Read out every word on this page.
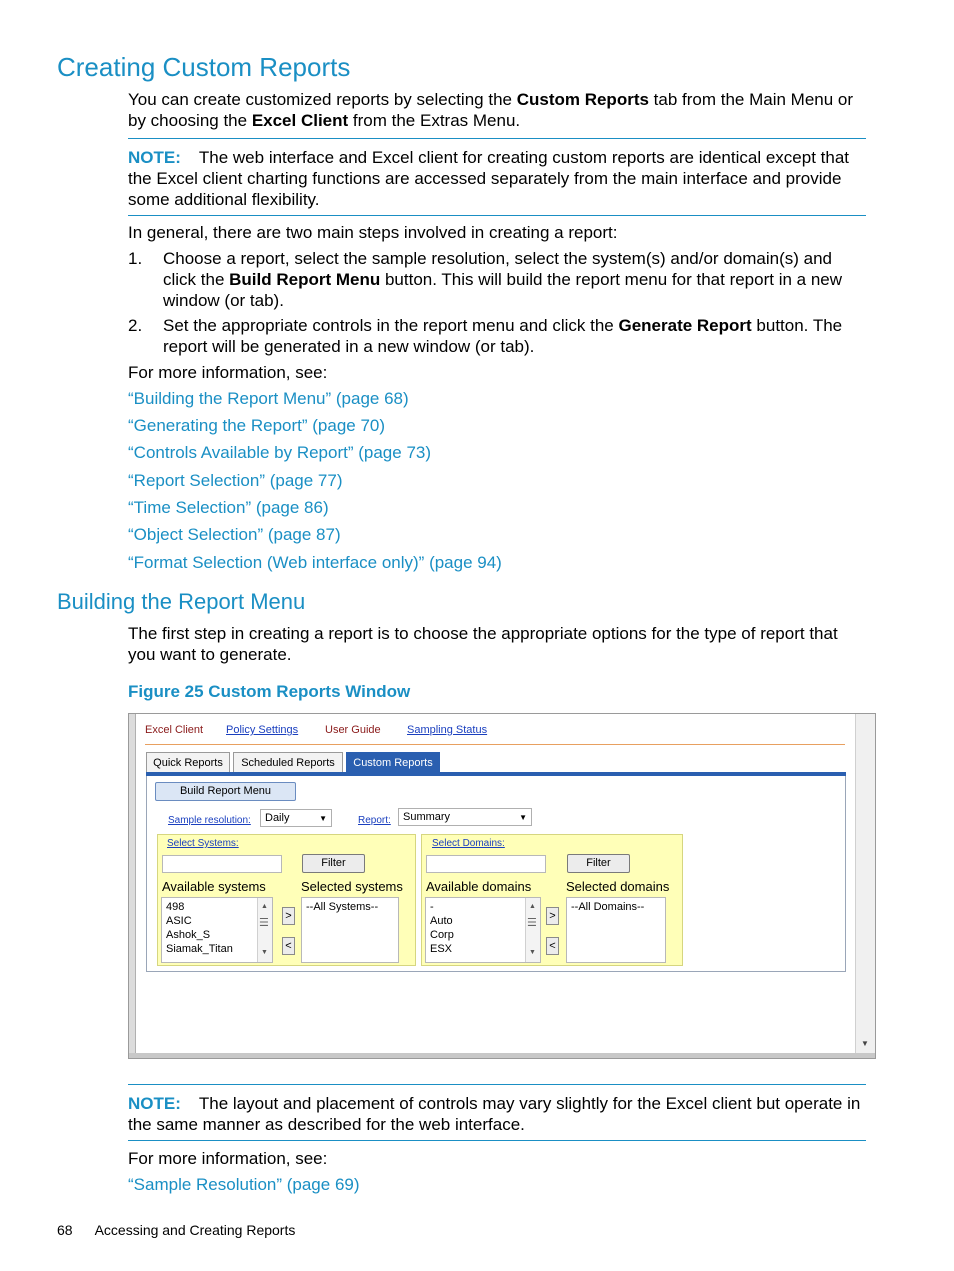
Creating Custom Reports

You can create customized reports by selecting the Custom Reports tab from the Main Menu or by choosing the Excel Client from the Extras Menu.

NOTE: The web interface and Excel client for creating custom reports are identical except that the Excel client charting functions are accessed separately from the main interface and provide some additional flexibility.

In general, there are two main steps involved in creating a report:

1. Choose a report, select the sample resolution, select the system(s) and/or domain(s) and click the Build Report Menu button. This will build the report menu for that report in a new window (or tab).
2. Set the appropriate controls in the report menu and click the Generate Report button. The report will be generated in a new window (or tab).

For more information, see:

“Building the Report Menu” (page 68)
“Generating the Report” (page 70)
“Controls Available by Report” (page 73)
“Report Selection” (page 77)
“Time Selection” (page 86)
“Object Selection” (page 87)
“Format Selection (Web interface only)” (page 94)
Building the Report Menu

The first step in creating a report is to choose the appropriate options for the type of report that you want to generate.

Figure 25 Custom Reports Window
▼
Excel Client Policy Settings User Guide Sampling Status
Quick Reports	Scheduled Reports	Custom Reports
Build Report Menu
Sample resolution:	Daily	▼	Report:	Summary	▼
Select Systems:
Filter
Available systems	Selected systems
498
ASIC
Ashok_S
Siamak_Titan
▲
☰
▼
>
<
--All Systems--
Select Domains:
Filter
Available domains	Selected domains
-
Auto
Corp
ESX
▲
☰
▼
>
<
--All Domains--
NOTE: The layout and placement of controls may vary slightly for the Excel client but operate in the same manner as described for the web interface.

For more information, see:

“Sample Resolution” (page 69)
68 Accessing and Creating Reports
